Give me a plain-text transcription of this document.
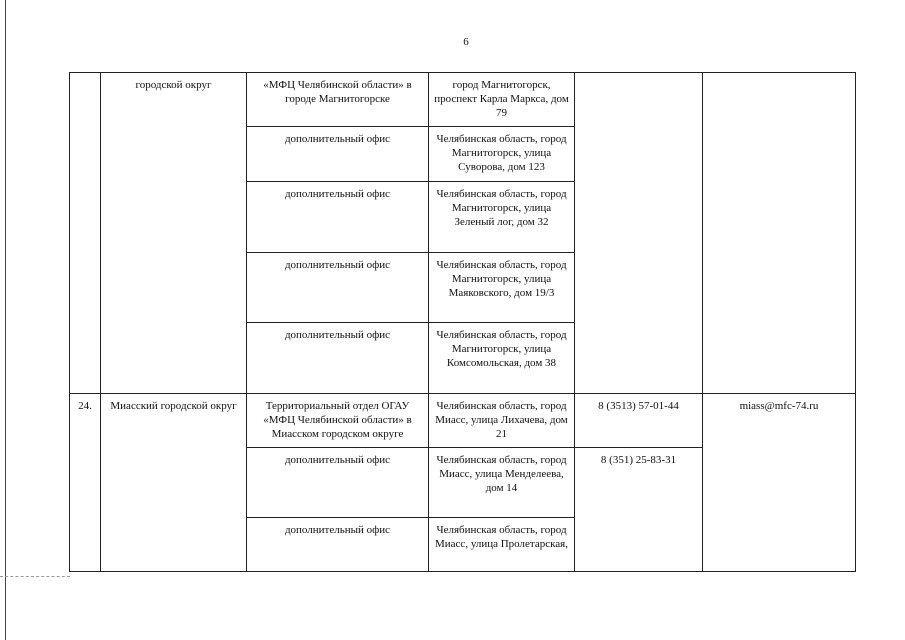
6
	городской округ	«МФЦ Челябинской области» в городе Магнитогорске	город Магнитогорск, проспект Карла Маркса, дом 79		
		дополнительный офис	Челябинская область, город Магнитогорск, улица Суворова, дом 123		
		дополнительный офис	Челябинская область, город Магнитогорск, улица Зеленый лог, дом 32		
		дополнительный офис	Челябинская область, город Магнитогорск, улица Маяковского, дом 19/3		
		дополнительный офис	Челябинская область, город Магнитогорск, улица Комсомольская, дом 38		
24.	Миасский городской округ	Территориальный отдел ОГАУ «МФЦ Челябинской области» в Миасском городском округе	Челябинская область, город Миасс, улица Лихачева, дом 21	8 (3513) 57-01-44	miass@mfc-74.ru
		дополнительный офис	Челябинская область, город Миасс, улица Менделеева, дом 14	8 (351) 25-83-31	
		дополнительный офис	Челябинская область, город Миасс, улица Пролетарская,		
